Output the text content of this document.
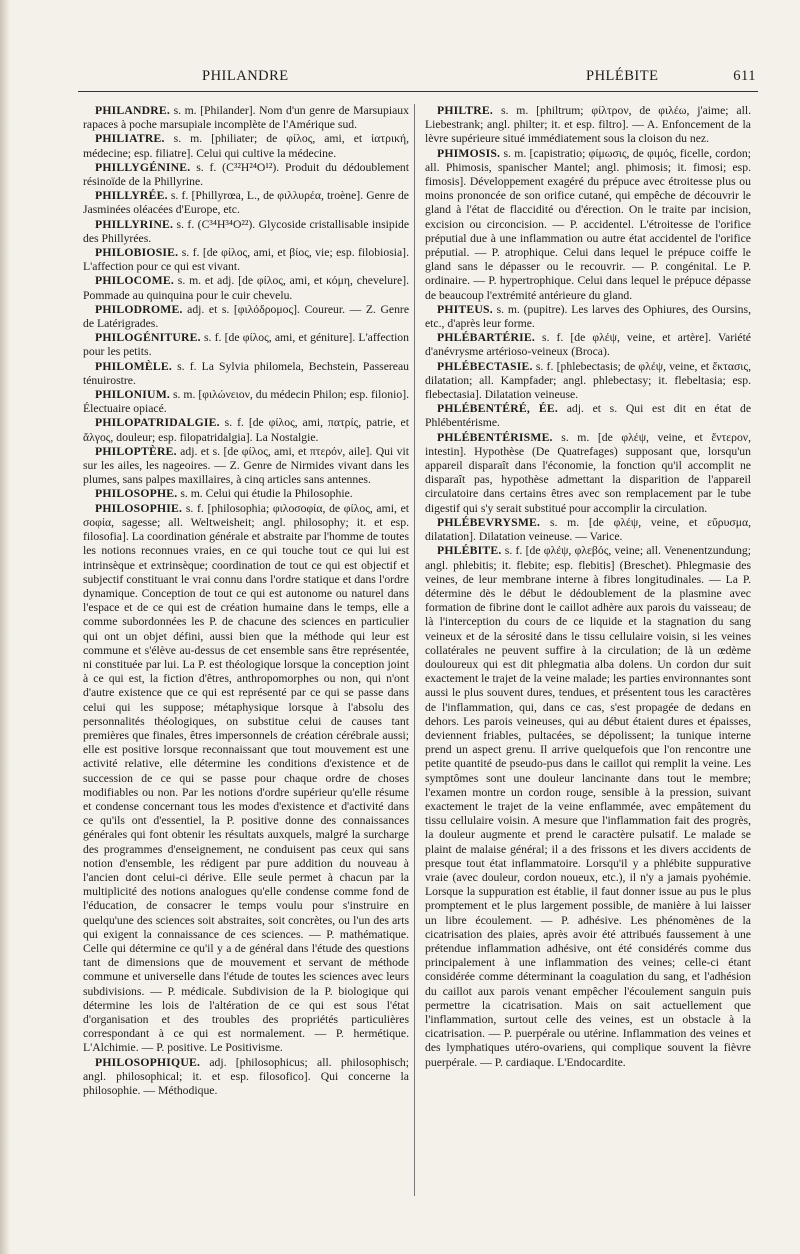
PHILANDRE	PHLÉBITE	611

PHILANDRE. s. m. [Philander]. Nom d'un genre de Marsupiaux rapaces à poche marsupiale incomplète de l'Amérique sud.

PHILIATRE. s. m. [philiater; de φίλος, ami, et ἰατρική, médecine; esp. filiatre]. Celui qui cultive la médecine.

PHILLYGÉNINE. s. f. (C³²H²⁴O¹²). Produit du dédoublement résinoïde de la Phillyrine.

PHILLYRÉE. s. f. [Phillyrœa, L., de φιλλυρέα, troène]. Genre de Jasminées oléacées d'Europe, etc.

PHILLYRINE. s. f. (C³⁴H³⁴O²²). Glycoside cristallisable insipide des Phillyrées.

PHILOBIOSIE. s. f. [de φίλος, ami, et βίος, vie; esp. filobiosia]. L'affection pour ce qui est vivant.

PHILOCOME. s. m. et adj. [de φίλος, ami, et κόμη, chevelure]. Pommade au quinquina pour le cuir chevelu.

PHILODROME. adj. et s. [φιλόδρομος]. Coureur. — Z. Genre de Latérigrades.

PHILOGÉNITURE. s. f. [de φίλος, ami, et géniture]. L'affection pour les petits.

PHILOMÈLE. s. f. La Sylvia philomela, Bechstein, Passereau ténuirostre.

PHILONIUM. s. m. [φιλώνειον, du médecin Philon; esp. filonio]. Électuaire opiacé.

PHILOPATRIDALGIE. s. f. [de φίλος, ami, πατρίς, patrie, et ἄλγος, douleur; esp. filopatridalgia]. La Nostalgie.

PHILOPTÈRE. adj. et s. [de φίλος, ami, et πτερόν, aile]. Qui vit sur les ailes, les nageoires. — Z. Genre de Nirmides vivant dans les plumes, sans palpes maxillaires, à cinq articles sans antennes.

PHILOSOPHE. s. m. Celui qui étudie la Philosophie.

PHILOSOPHIE. s. f. [philosophia; φιλοσοφία, de φίλος, ami, et σοφία, sagesse; all. Weltweisheit; angl. philosophy; it. et esp. filosofia]. La coordination générale et abstraite par l'homme de toutes les notions reconnues vraies, en ce qui touche tout ce qui lui est intrinsèque et extrinsèque; coordination de tout ce qui est objectif et subjectif constituant le vrai connu dans l'ordre statique et dans l'ordre dynamique. Conception de tout ce qui est autonome ou naturel dans l'espace et de ce qui est de création humaine dans le temps, elle a comme subordonnées les P. de chacune des sciences en particulier qui ont un objet défini, aussi bien que la méthode qui leur est commune et s'élève au-dessus de cet ensemble sans être représentée, ni constituée par lui. La P. est théologique lorsque la conception joint à ce qui est, la fiction d'êtres, anthropomorphes ou non, qui n'ont d'autre existence que ce qui est représenté par ce qui se passe dans celui qui les suppose; métaphysique lorsque à l'absolu des personnalités théologiques, on substitue celui de causes tant premières que finales, êtres impersonnels de création cérébrale aussi; elle est positive lorsque reconnaissant que tout mouvement est une activité relative, elle détermine les conditions d'existence et de succession de ce qui se passe pour chaque ordre de choses modifiables ou non. Par les notions d'ordre supérieur qu'elle résume et condense concernant tous les modes d'existence et d'activité dans ce qu'ils ont d'essentiel, la P. positive donne des connaissances générales qui font obtenir les résultats auxquels, malgré la surcharge des programmes d'enseignement, ne conduisent pas ceux qui sans notion d'ensemble, les rédigent par pure addition du nouveau à l'ancien dont celui-ci dérive. Elle seule permet à chacun par la multiplicité des notions analogues qu'elle condense comme fond de l'éducation, de consacrer le temps voulu pour s'instruire en quelqu'une des sciences soit abstraites, soit concrètes, ou l'un des arts qui exigent la connaissance de ces sciences. — P. mathématique. Celle qui détermine ce qu'il y a de général dans l'étude des questions tant de dimensions que de mouvement et servant de méthode commune et universelle dans l'étude de toutes les sciences avec leurs subdivisions. — P. médicale. Subdivision de la P. biologique qui détermine les lois de l'altération de ce qui est sous l'état d'organisation et des troubles des propriétés particulières correspondant à ce qui est normalement. — P. hermétique. L'Alchimie. — P. positive. Le Positivisme.

PHILOSOPHIQUE. adj. [philosophicus; all. philosophisch; angl. philosophical; it. et esp. filosofico]. Qui concerne la philosophie. — Méthodique.

PHILTRE. s. m. [philtrum; φίλτρον, de φιλέω, j'aime; all. Liebestrank; angl. philter; it. et esp. filtro]. — A. Enfoncement de la lèvre supérieure situé immédiatement sous la cloison du nez.

PHIMOSIS. s. m. [capistratio; φίμωσις, de φιμός, ficelle, cordon; all. Phimosis, spanischer Mantel; angl. phimosis; it. fimosi; esp. fimosis]. Développement exagéré du prépuce avec étroitesse plus ou moins prononcée de son orifice cutané, qui empêche de découvrir le gland à l'état de flaccidité ou d'érection. On le traite par incision, excision ou circoncision. — P. accidentel. L'étroitesse de l'orifice préputial due à une inflammation ou autre état accidentel de l'orifice préputial. — P. atrophique. Celui dans lequel le prépuce coiffe le gland sans le dépasser ou le recouvrir. — P. congénital. Le P. ordinaire. — P. hypertrophique. Celui dans lequel le prépuce dépasse de beaucoup l'extrémité antérieure du gland.

PHITEUS. s. m. (pupitre). Les larves des Ophiures, des Oursins, etc., d'après leur forme.

PHLÉBARTÉRIE. s. f. [de φλέψ, veine, et artère]. Variété d'anévrysme artérioso-veineux (Broca).

PHLÉBECTASIE. s. f. [phlebectasis; de φλέψ, veine, et ἔκτασις, dilatation; all. Kampfader; angl. phlebectasy; it. flebeltasia; esp. flebectasia]. Dilatation veineuse.

PHLÉBENTÉRÉ, ÉE. adj. et s. Qui est dit en état de Phlébentérisme.

PHLÉBENTÉRISME. s. m. [de φλέψ, veine, et ἔντερον, intestin]. Hypothèse (De Quatrefages) supposant que, lorsqu'un appareil disparaît dans l'économie, la fonction qu'il accomplit ne disparaît pas, hypothèse admettant la disparition de l'appareil circulatoire dans certains êtres avec son remplacement par le tube digestif qui s'y serait substitué pour accomplir la circulation.

PHLÉBEVRYSME. s. m. [de φλέψ, veine, et εὔρυσμα, dilatation]. Dilatation veineuse. — Varice.

PHLÉBITE. s. f. [de φλέψ, φλεβός, veine; all. Venenentzundung; angl. phlebitis; it. flebite; esp. flebitis] (Breschet). Phlegmasie des veines, de leur membrane interne à fibres longitudinales. — La P. détermine dès le début le dédoublement de la plasmine avec formation de fibrine dont le caillot adhère aux parois du vaisseau; de là l'interception du cours de ce liquide et la stagnation du sang veineux et de la sérosité dans le tissu cellulaire voisin, si les veines collatérales ne peuvent suffire à la circulation; de là un œdème douloureux qui est dit phlegmatia alba dolens. Un cordon dur suit exactement le trajet de la veine malade; les parties environnantes sont aussi le plus souvent dures, tendues, et présentent tous les caractères de l'inflammation, qui, dans ce cas, s'est propagée de dedans en dehors. Les parois veineuses, qui au début étaient dures et épaisses, deviennent friables, pultacées, se dépolissent; la tunique interne prend un aspect grenu. Il arrive quelquefois que l'on rencontre une petite quantité de pseudo-pus dans le caillot qui remplit la veine. Les symptômes sont une douleur lancinante dans tout le membre; l'examen montre un cordon rouge, sensible à la pression, suivant exactement le trajet de la veine enflammée, avec empâtement du tissu cellulaire voisin. A mesure que l'inflammation fait des progrès, la douleur augmente et prend le caractère pulsatif. Le malade se plaint de malaise général; il a des frissons et les divers accidents de presque tout état inflammatoire. Lorsqu'il y a phlébite suppurative vraie (avec douleur, cordon noueux, etc.), il n'y a jamais pyohémie. Lorsque la suppuration est établie, il faut donner issue au pus le plus promptement et le plus largement possible, de manière à lui laisser un libre écoulement. — P. adhésive. Les phénomènes de la cicatrisation des plaies, après avoir été attribués faussement à une prétendue inflammation adhésive, ont été considérés comme dus principalement à une inflammation des veines; celle-ci étant considérée comme déterminant la coagulation du sang, et l'adhésion du caillot aux parois venant empêcher l'écoulement sanguin puis permettre la cicatrisation. Mais on sait actuellement que l'inflammation, surtout celle des veines, est un obstacle à la cicatrisation. — P. puerpérale ou utérine. Inflammation des veines et des lymphatiques utéro-ovariens, qui complique souvent la fièvre puerpérale. — P. cardiaque. L'Endocardite.
